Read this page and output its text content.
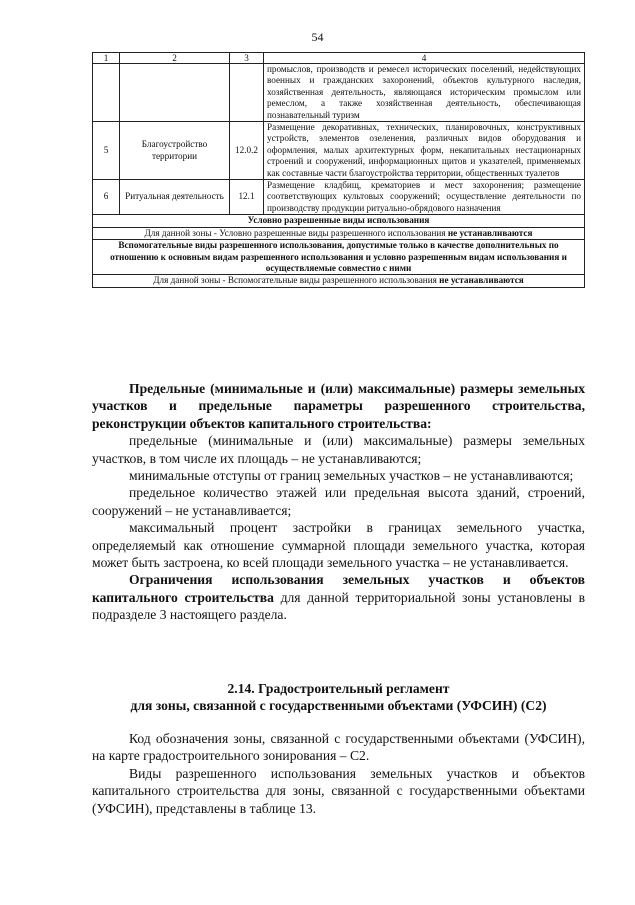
54
1	2	3	4
			промыслов, производств и ремесел исторических поселений, недействующих военных и гражданских захоронений, объектов культурного наследия, хозяйственная деятельность, являющаяся историческим промыслом или ремеслом, а также хозяйственная деятельность, обеспечивающая познавательный туризм
5	Благоустройство территории	12.0.2	Размещение декоративных, технических, планировочных, конструктивных устройств, элементов озеленения, различных видов оборудования и оформления, малых архитектурных форм, некапитальных нестационарных строений и сооружений, информационных щитов и указателей, применяемых как составные части благоустройства территории, общественных туалетов
6	Ритуальная деятельность	12.1	Размещение кладбищ, крематориев и мест захоронения; размещение соответствующих культовых сооружений; осуществление деятельности по производству продукции ритуально-обрядового назначения
Условно разрешенные виды использования			
Для данной зоны - Условно разрешенные виды разрешенного использования не устанавливаются			
Вспомогательные виды разрешенного использования, допустимые только в качестве дополнительных по отношению к основным видам разрешенного использования и условно разрешенным видам использования и осуществляемые совместно с ними			
Для данной зоны - Вспомогательные виды разрешенного использования не устанавливаются			

Предельные (минимальные и (или) максимальные) размеры земельных участков и предельные параметры разрешенного строительства, реконструкции объектов капитального строительства:

предельные (минимальные и (или) максимальные) размеры земельных участков, в том числе их площадь – не устанавливаются;

минимальные отступы от границ земельных участков – не устанавливаются;

предельное количество этажей или предельная высота зданий, строений, сооружений – не устанавливается;

максимальный процент застройки в границах земельного участка, определяемый как отношение суммарной площади земельного участка, которая может быть застроена, ко всей площади земельного участка – не устанавливается.

Ограничения использования земельных участков и объектов капитального строительства для данной территориальной зоны установлены в подразделе 3 настоящего раздела.

2.14. Градостроительный регламент

для зоны, связанной с государственными объектами (УФСИН) (С2)

Код обозначения зоны, связанной с государственными объектами (УФСИН), на карте градостроительного зонирования – С2.

Виды разрешенного использования земельных участков и объектов капитального строительства для зоны, связанной с государственными объектами (УФСИН), представлены в таблице 13.
